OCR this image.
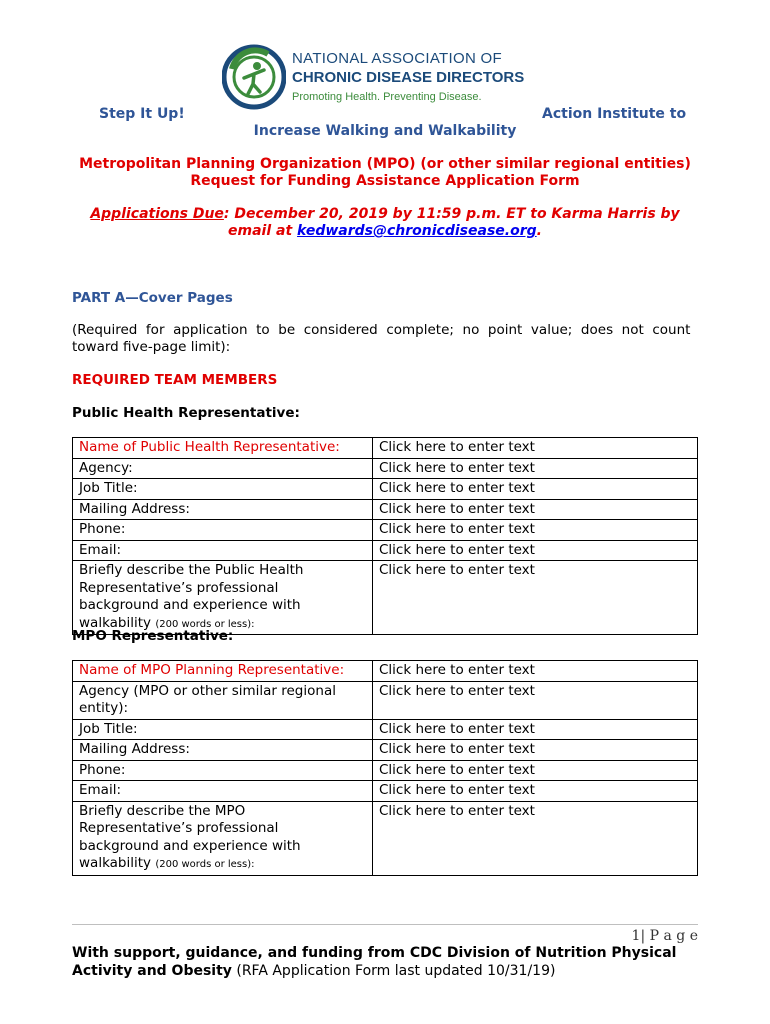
NATIONAL ASSOCIATION OF
CHRONIC DISEASE DIRECTORS
Promoting Health. Preventing Disease.
Step It Up!	Action Institute to
Increase Walking and Walkability
Metropolitan Planning Organization (MPO) (or other similar regional entities)
Request for Funding Assistance Application Form
Applications Due: December 20, 2019 by 11:59 p.m. ET to Karma Harris by
email at kedwards@chronicdisease.org.
PART A—Cover Pages
(Required  for  application  to  be  considered  complete;  no  point  value;  does  not  count
toward five-page limit):
REQUIRED TEAM MEMBERS
Public Health Representative:
Name of Public Health Representative:	Click here to enter text
Agency:	Click here to enter text
Job Title:	Click here to enter text
Mailing Address:	Click here to enter text
Phone:	Click here to enter text
Email:	Click here to enter text

Briefly describe the Public Health
Representative’s professional
background and experience with
walkability (200 words or less):	Click here to enter text
MPO Representative:
Name of MPO Planning Representative:	Click here to enter text

Agency (MPO or other similar regional
entity):	Click here to enter text
Job Title:	Click here to enter text
Mailing Address:	Click here to enter text
Phone:	Click here to enter text
Email:	Click here to enter text

Briefly describe the MPO
Representative’s professional
background and experience with
walkability (200 words or less):	Click here to enter text
1| P a g e
With support, guidance, and funding from CDC Division of Nutrition Physical
Activity and Obesity (RFA Application Form last updated 10/31/19)
